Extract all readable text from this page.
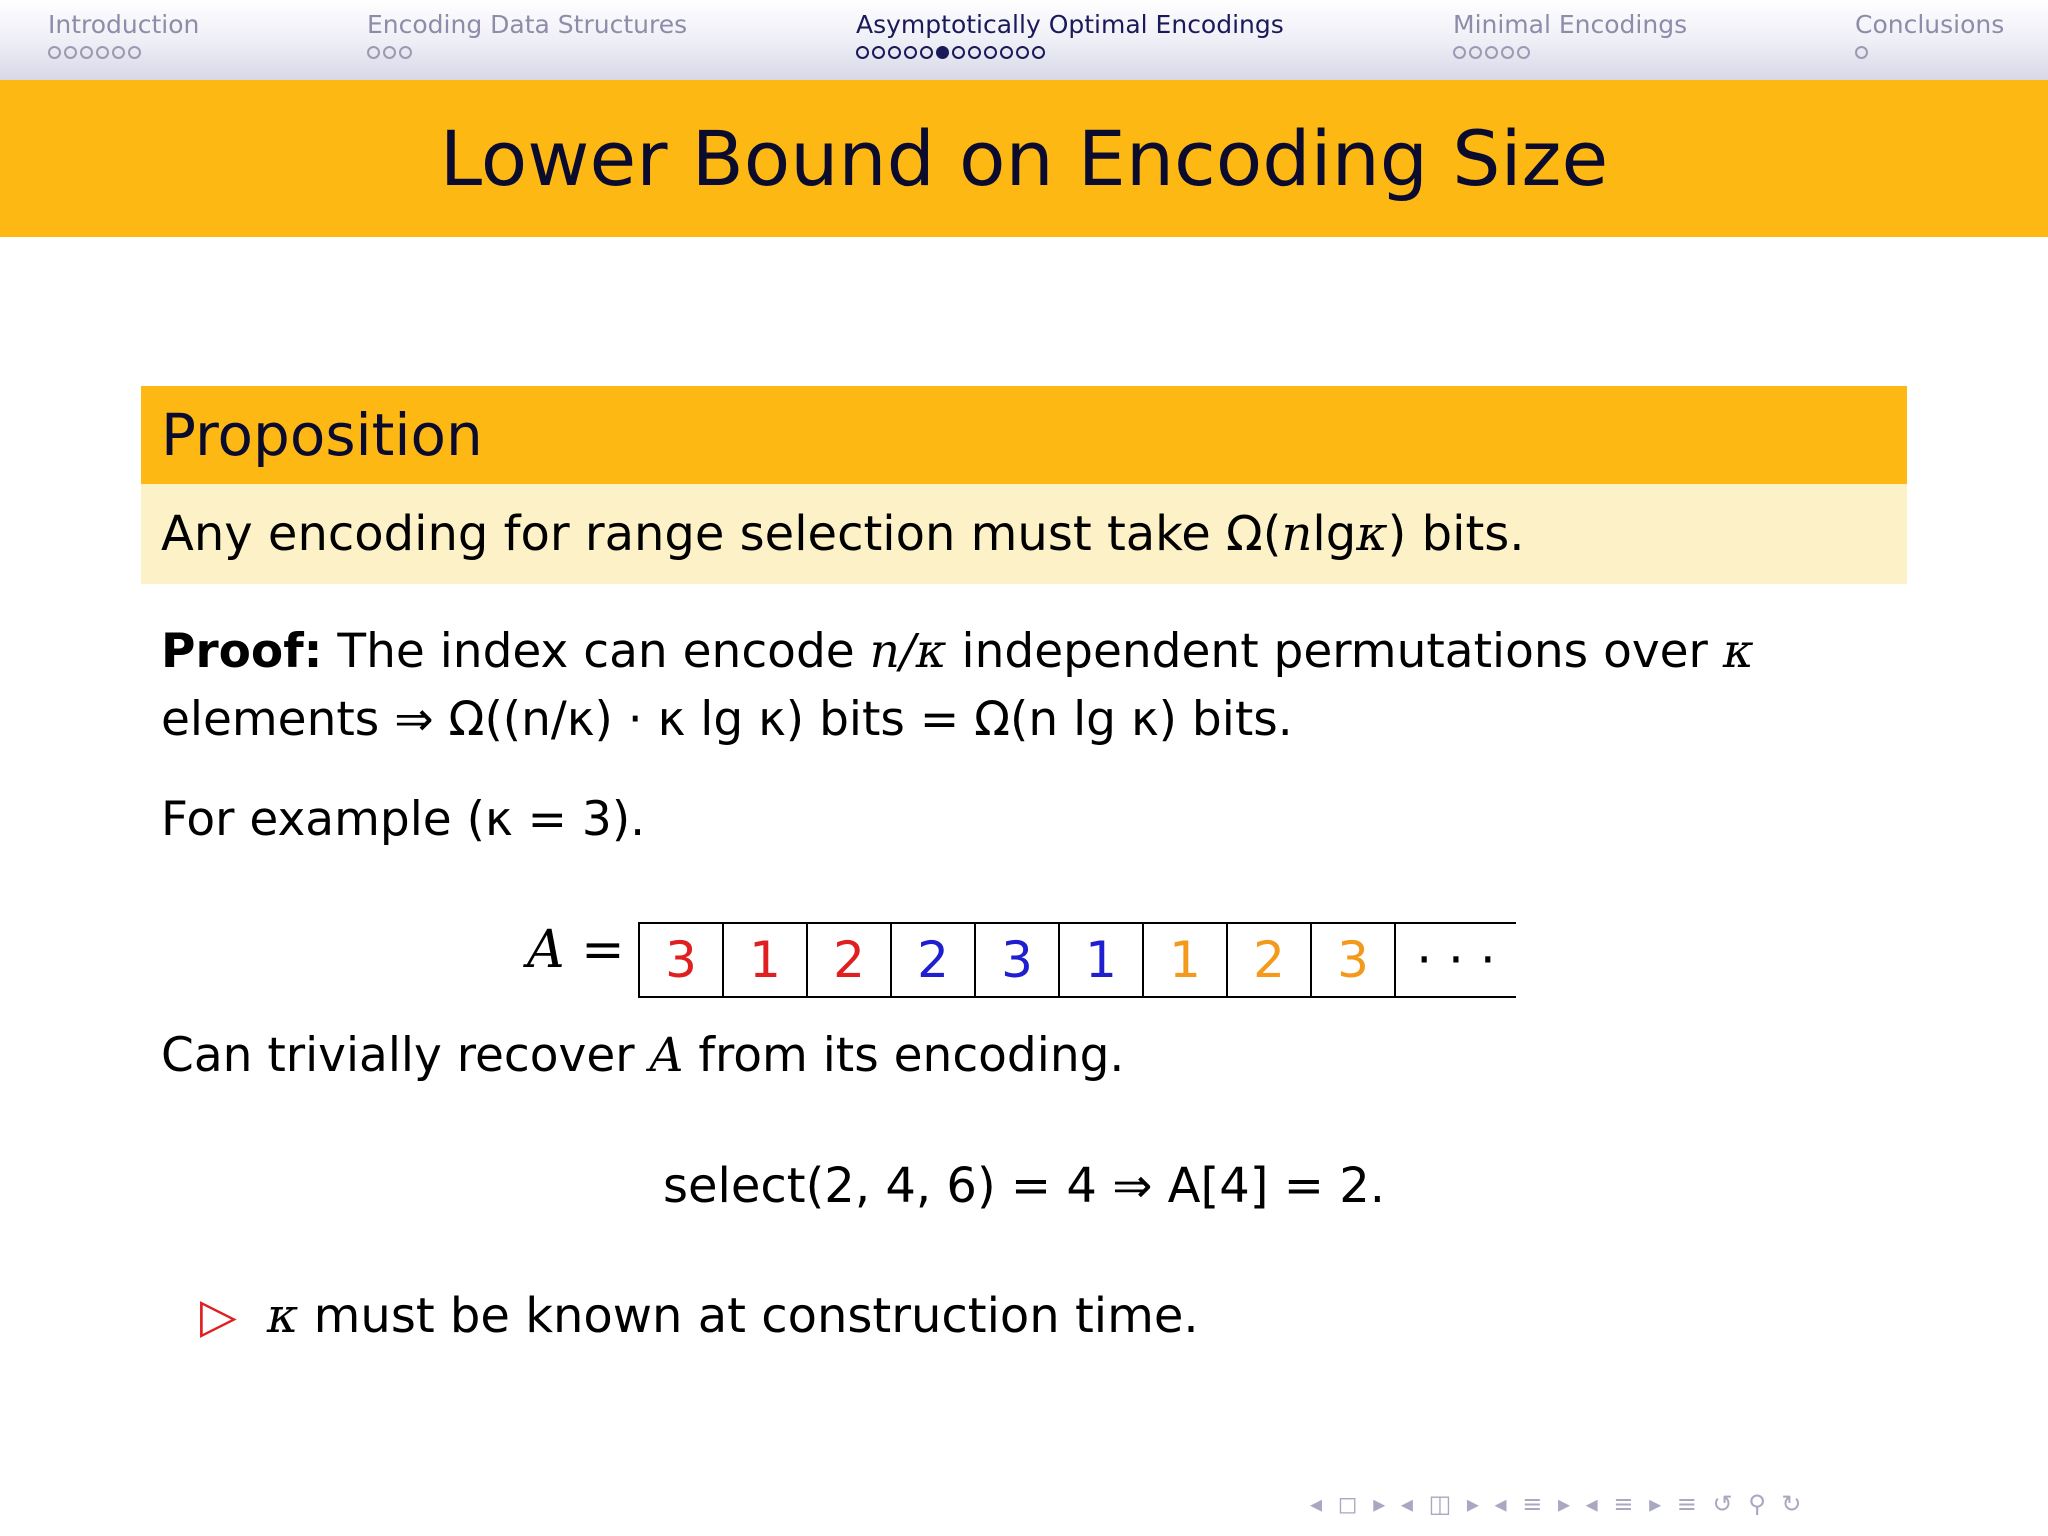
Introduction	Encoding Data Structures	Asymptotically Optimal Encodings	Minimal Encodings	Conclusions
Lower Bound on Encoding Size
Proposition
Any encoding for range selection must take Ω( n lg κ ) bits.
Proof: The index can encode n/κ independent permutations over κ
elements ⇒ Ω((n/κ) · κ lg κ) bits = Ω(n lg κ) bits.
For example (κ = 3).
A = 3	1	2	2	3	1	1	2	3 · · ·
Can trivially recover A from its encoding.
select(2, 4, 6) = 4 ⇒ A[4] = 2.
▷ κ must be known at construction time.
◂ ◻ ▸ ◂ ◫ ▸ ◂ ≡ ▸ ◂ ≡ ▸ ≡ ↺ ⚲ ↻
